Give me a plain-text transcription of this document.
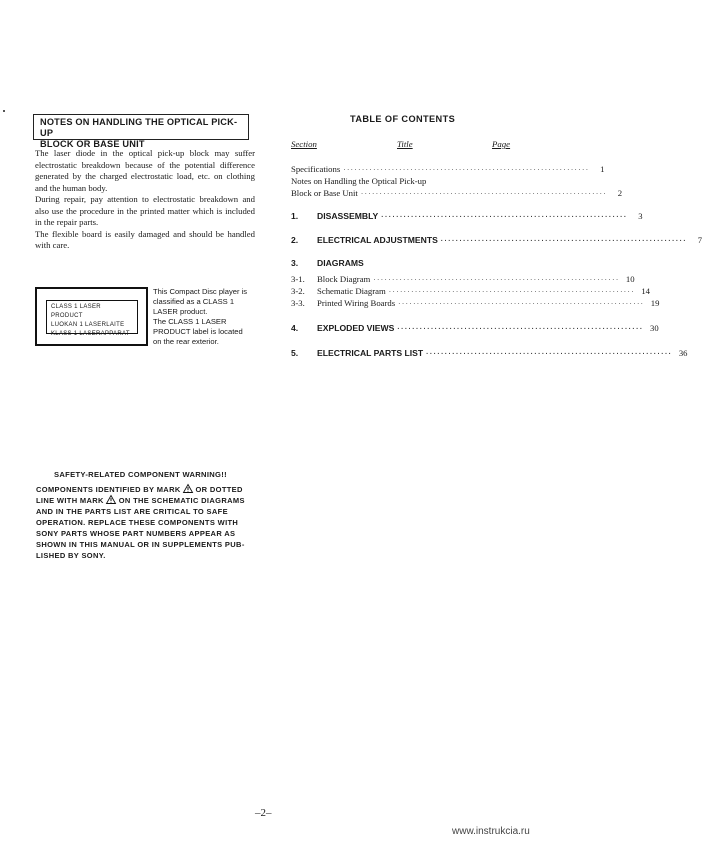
NOTES ON HANDLING THE OPTICAL PICK-UP
BLOCK OR BASE UNIT

The laser diode in the optical pick-up block may suffer electrostatic breakdown because of the potential difference generated by the charged electrostatic load, etc. on clothing and the human body.

During repair, pay attention to electrostatic breakdown and also use the procedure in the printed matter which is included in the repair parts.

The flexible board is easily damaged and should be handled with care.

CLASS 1 LASER PRODUCT
LUOKAN 1 LASERLAITE
KLASS 1 LASERAPPARAT
This Compact Disc player is
classified as a CLASS 1
LASER product.
The CLASS 1 LASER
PRODUCT label is located
on the rear exterior.
SAFETY-RELATED COMPONENT WARNING!!
COMPONENTS IDENTIFIED BY MARK OR DOTTED
LINE WITH MARK ON THE SCHEMATIC DIAGRAMS
AND IN THE PARTS LIST ARE CRITICAL TO SAFE
OPERATION. REPLACE THESE COMPONENTS WITH
SONY PARTS WHOSE PART NUMBERS APPEAR AS
SHOWN IN THIS MANUAL OR IN SUPPLEMENTS PUB-
LISHED BY SONY.
TABLE OF CONTENTS
Section	Title	Page
Specifications ··································································	1
Notes on Handling the Optical Pick-up
Block or Base Unit ··································································	2
1.	DISASSEMBLY ··································································	3
2.	ELECTRICAL ADJUSTMENTS ··································································	7
3.	DIAGRAMS
3-1.	Block Diagram ·································································· 10
3-2.	Schematic Diagram ·································································· 14
3-3.	Printed Wiring Boards ·································································· 19
4.	EXPLODED VIEWS ·································································· 30
5.	ELECTRICAL PARTS LIST ·································································· 36
–2–
www.instrukcia.ru
